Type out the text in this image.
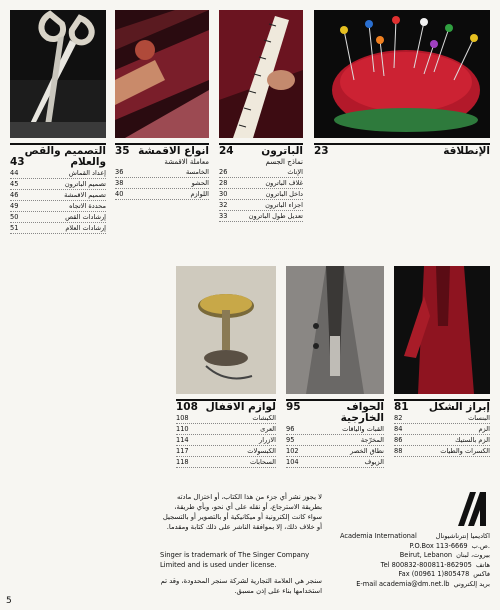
الإنطلاقة
23
الباترون
24
نماذج الجسم
الإناث
26
غلاف الباترون
28
داخل الباترون
30
اجزاء الباترون
32
تعديل طول الباترون
33
انواع الاقمشة
35
معاملة الاقمشة
الخامسة
36
الحشو
38
اللوازم
40
التصميم والقص والعلام
43
إعداد القماش
44
تصميم الباترون
45
تصميم الاقمشة
46
محددة الاتجاه
49
إرشادات القص
50
إرشادات العلام
51
إبراز الشكل
81
البنسات
82
الزم
84
الزم بالستيك
86
الكسرات والطيات
88
الحواف الخارجية
95
القبات والياقات
96
المخرّجة
95
نطاق الخصر
102
الزيوف
104
لوازم الاقفال
108
الكبشات
108
العرى
110
الازرار
114
الكبسولات
117
السحابات
118
Academia International	اكاديميا إنترناشيونال
P.O.Box 113-6669 ص.ب.
Beirut, Lebanon بيروت، لبنان
Tel 800832-800811-862905 هاتف
Fax (00961 1)805478 فاكس
E-mail academia@dm.net.lb بريد إلكتروني
لا يجوز نشر أي جزء من هذا الكتاب، أو اختزال مادته بطريقة الاسترجاع، أو نقله على أي نحو، وبأي طريقة، سواء كانت إلكترونية أو ميكانيكية أو بالتصوير أو بالتسجيل أو خلاف ذلك، إلا بموافقة الناشر على ذلك كتابة ومقدما.
Singer is trademark of The Singer Company Limited and is used under license.
سنجر هي العلامة التجارية لشركة سنجر المحدودة، وقد تم استخدامها بناء على إذن مسبق.
5
